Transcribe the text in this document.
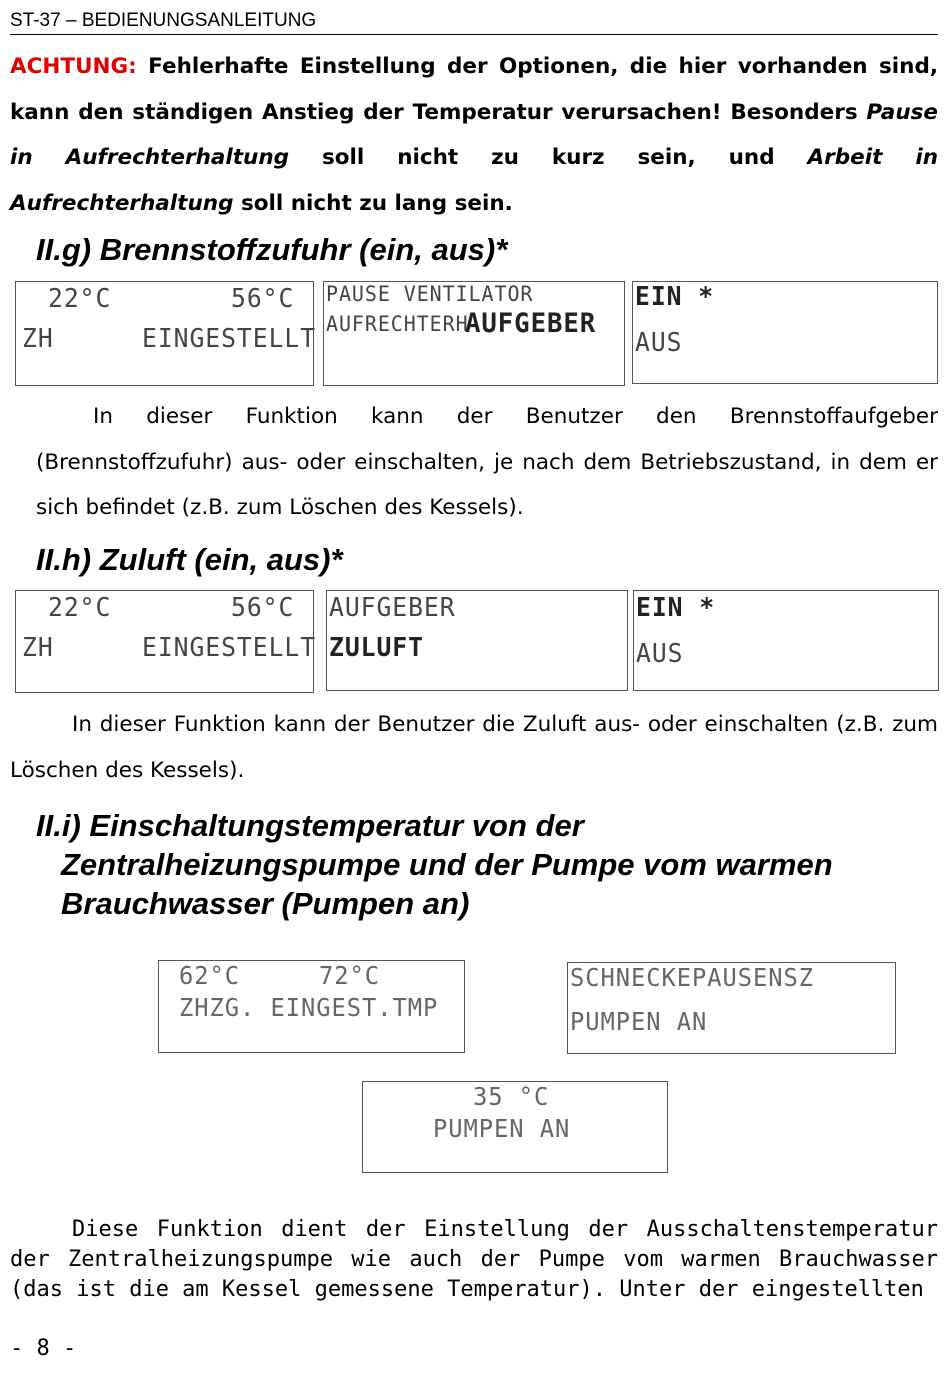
ST-37 – BEDIENUNGSANLEITUNG
ACHTUNG: Fehlerhafte Einstellung der Optionen, die hier vorhanden sind, kann den ständigen Anstieg der Temperatur verursachen! Besonders Pause in Aufrechterhaltung soll nicht zu kurz sein, und Arbeit in Aufrechterhaltung soll nicht zu lang sein.
II.g) Brennstoffzufuhr (ein, aus)*
22°C	56°C
ZH	EINGESTELLT
PAUSE VENTILATOR
AUFRECHTERH
AUFGEBER
EIN *
AUS
In dieser Funktion kann der Benutzer den Brennstoffaufgeber (Brennstoffzufuhr) aus- oder einschalten, je nach dem Betriebszustand, in dem er sich befindet (z.B. zum Löschen des Kessels).
II.h) Zuluft (ein, aus)*
22°C	56°C
ZH	EINGESTELLT
AUFGEBER
ZULUFT
EIN *
AUS
In dieser Funktion kann der Benutzer die Zuluft aus- oder einschalten (z.B. zum Löschen des Kessels).
II.i) Einschaltungstemperatur von der
Zentralheizungspumpe und der Pumpe vom warmen
Brauchwasser (Pumpen an)
62°C	72°C
ZHZG. EINGEST.TMP
SCHNECKEPAUSENSZ
PUMPEN AN
35 °C
PUMPEN AN
Diese Funktion dient der Einstellung der Ausschaltenstemperatur der Zentralheizungspumpe wie auch der Pumpe vom warmen Brauchwasser (das ist die am Kessel gemessene Temperatur). Unter der eingestellten
- 8 -
